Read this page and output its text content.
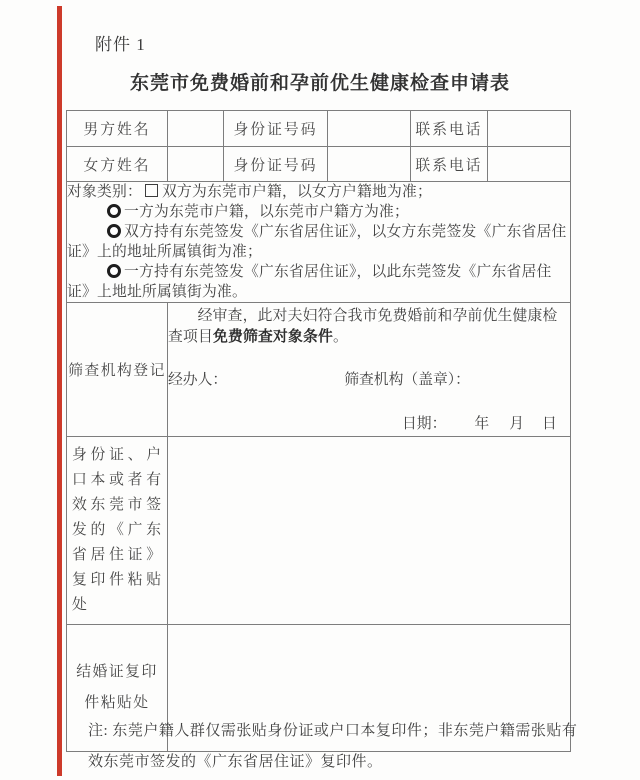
附件 1
东莞市免费婚前和孕前优生健康检查申请表
男方姓名		身份证号码		联系电话	
女方姓名		身份证号码		联系电话	

对象类别： 双方为东莞市户籍，以女方户籍地为准；
一方为东莞市户籍，以东莞市户籍方为准；
双方持有东莞签发《广东省居住证》，以女方东莞签发《广东省居住证》上的地址所属镇街为准；
一方持有东莞签发《广东省居住证》，以此东莞签发《广东省居住证》上地址所属镇街为准。					

筛查机构登记	经审查，此对夫妇符合我市免费婚前和孕前优生健康检查项目免费筛查对象条件。

经办人： 筛查机构（盖章）：
日期： 年 月 日				

身份证、户口本或者有效东莞市签发的《广东省居住证》复印件粘贴处					

结婚证复印件粘贴处					

注: 东莞户籍人群仅需张贴身份证或户口本复印件；非东莞户籍需张贴有效东莞市签发的《广东省居住证》复印件。
